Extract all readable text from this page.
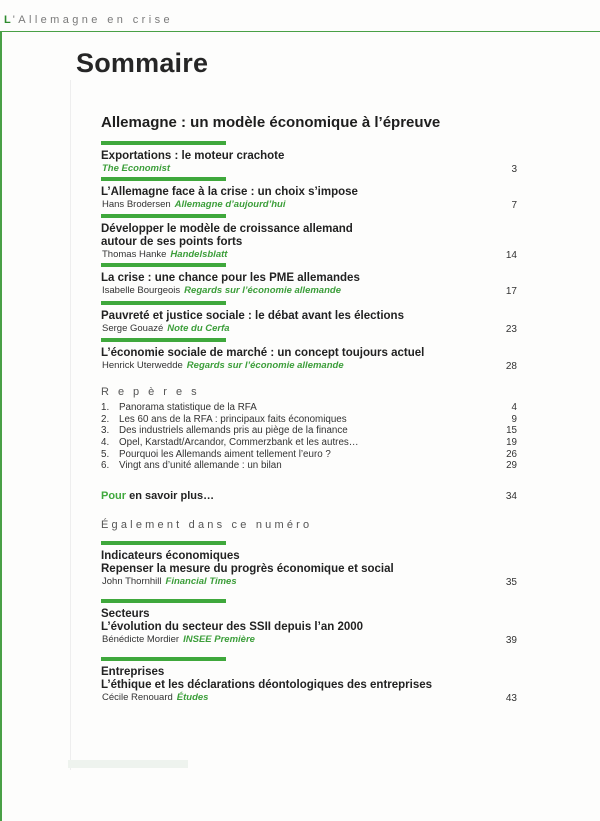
L'Allemagne en crise
Sommaire
Allemagne : un modèle économique à l’épreuve
Exportations : le moteur crachote
The Economist	3
L’Allemagne face à la crise : un choix s’impose
Hans Brodersen Allemagne d’aujourd’hui	7
Développer le modèle de croissance allemand autour de ses points forts
Thomas Hanke Handelsblatt	14
La crise : une chance pour les PME allemandes
Isabelle Bourgeois Regards sur l’économie allemande	17
Pauvreté et justice sociale : le débat avant les élections
Serge Gouazé Note du Cerfa	23
L’économie sociale de marché : un concept toujours actuel
Henrick Uterwedde Regards sur l’économie allemande	28
Repères
1. Panorama statistique de la RFA	4
2. Les 60 ans de la RFA : principaux faits économiques	9
3. Des industriels allemands pris au piège de la finance	15
4. Opel, Karstadt/Arcandor, Commerzbank et les autres…	19
5. Pourquoi les Allemands aiment tellement l’euro ?	26
6. Vingt ans d’unité allemande : un bilan	29
Pour en savoir plus…	34
Également dans ce numéro
Indicateurs économiques
Repenser la mesure du progrès économique et social
John Thornhill Financial Times	35
Secteurs
L’évolution du secteur des SSII depuis l’an 2000
Bénédicte Mordier INSEE Première	39
Entreprises
L’éthique et les déclarations déontologiques des entreprises
Cécile Renouard Études	43
